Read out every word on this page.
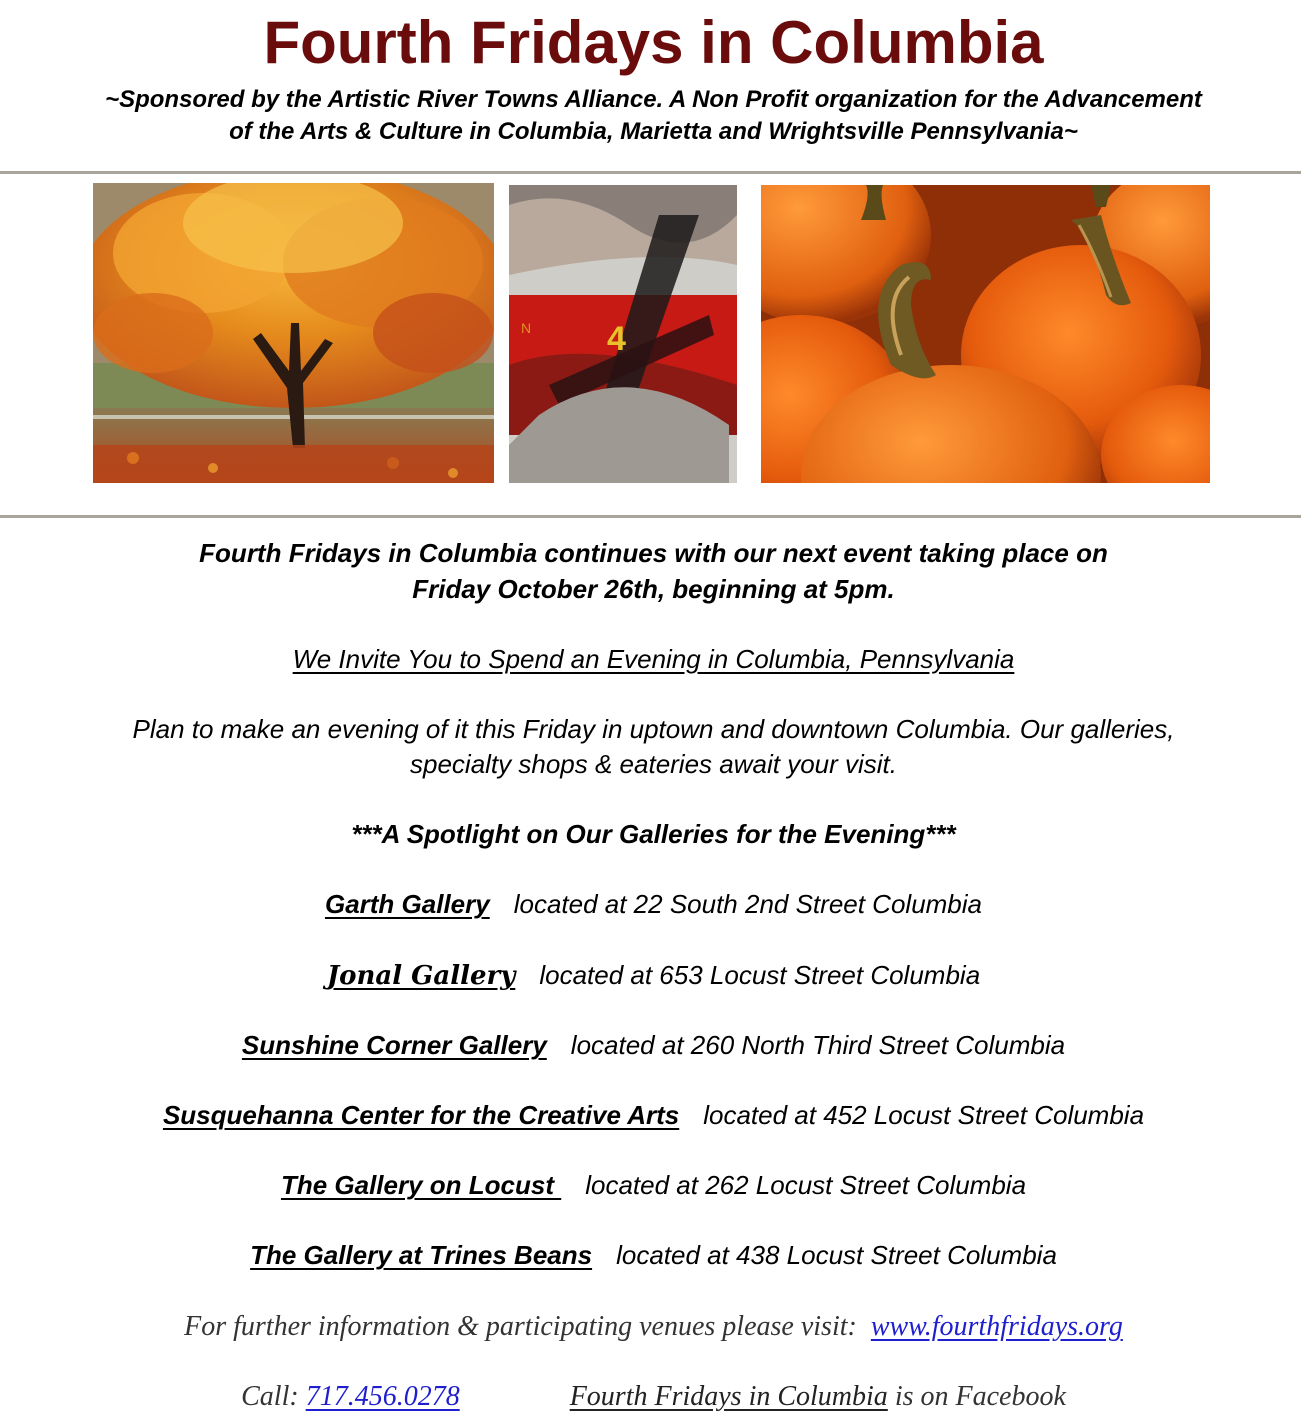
Fourth Fridays in Columbia
~Sponsored by the Artistic River Towns Alliance. A Non Profit organization for the Advancement
of the Arts & Culture in Columbia, Marietta and Wrightsville Pennsylvania~
4
N
Fourth Fridays in Columbia continues with our next event taking place on
Friday October 26th, beginning at 5pm.
We Invite You to Spend an Evening in Columbia, Pennsylvania
Plan to make an evening of it this Friday in uptown and downtown Columbia. Our galleries,
specialty shops & eateries await your visit.
***A Spotlight on Our Galleries for the Evening***
Garth Gallery located at 22 South 2nd Street Columbia
Jonal Gallery located at 653 Locust Street Columbia
Sunshine Corner Gallery located at 260 North Third Street Columbia
Susquehanna Center for the Creative Arts located at 452 Locust Street Columbia
The Gallery on Locust located at 262 Locust Street Columbia
The Gallery at Trines Beans located at 438 Locust Street Columbia
For further information & participating venues please visit: www.fourthfridays.org
Call: 717.456.0278	Fourth Fridays in Columbia is on Facebook
